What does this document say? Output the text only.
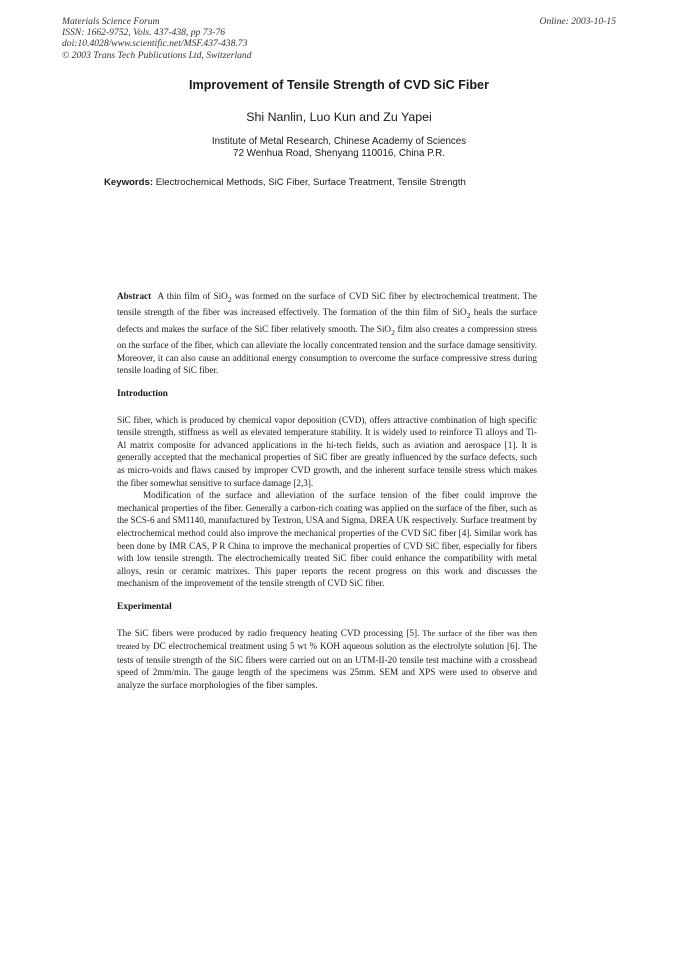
Materials Science Forum
ISSN: 1662-9752, Vols. 437-438, pp 73-76
doi:10.4028/www.scientific.net/MSF.437-438.73
© 2003 Trans Tech Publications Ltd, Switzerland
Online: 2003-10-15
Improvement of Tensile Strength of CVD SiC Fiber
Shi Nanlin, Luo Kun and Zu Yapei
Institute of Metal Research, Chinese Academy of Sciences
72 Wenhua Road, Shenyang 110016, China P.R.
Keywords: Electrochemical Methods, SiC Fiber, Surface Treatment, Tensile Strength

Abstract A thin film of SiO$_2$ was formed on the surface of CVD SiC fiber by electrochemical treatment. The tensile strength of the fiber was increased effectively. The formation of the thin film of SiO$_2$ heals the surface defects and makes the surface of the SiC fiber relatively smooth. The SiO$_2$ film also creates a compression stress on the surface of the fiber, which can alleviate the locally concentrated tension and the surface damage sensitivity. Moreover, it can also cause an additional energy consumption to overcome the surface compressive stress during tensile loading of SiC fiber.

Introduction

SiC fiber, which is produced by chemical vapor deposition (CVD), offers attractive combination of high specific tensile strength, stiffness as well as elevated temperature stability. It is widely used to reinforce Ti alloys and Ti-Al matrix composite for advanced applications in the hi-tech fields, such as aviation and aerospace [1]. It is generally accepted that the mechanical properties of SiC fiber are greatly influenced by the surface defects, such as micro-voids and flaws caused by improper CVD growth, and the inherent surface tensile stress which makes the fiber somewhat sensitive to surface damage [2,3].

Modification of the surface and alleviation of the surface tension of the fiber could improve the mechanical properties of the fiber. Generally a carbon-rich coating was applied on the surface of the fiber, such as the SCS-6 and SM1140, manufactured by Textron, USA and Sigma, DREA UK respectively. Surface treatment by electrochemical method could also improve the mechanical properties of the CVD SiC fiber [4]. Similar work has been done by IMR CAS, P R China to improve the mechanical properties of CVD SiC fiber, especially for fibers with low tensile strength. The electrochemically treated SiC fiber could enhance the compatibility with metal alloys, resin or ceramic matrixes. This paper reports the recent progress on this work and discusses the mechanism of the improvement of the tensile strength of CVD SiC fiber.

Experimental

The SiC fibers were produced by radio frequency heating CVD processing [5]. The surface of the fiber was then treated by DC electrochemical treatment using 5 wt % KOH aqueous solution as the electrolyte solution [6]. The tests of tensile strength of the SiC fibers were carried out on an UTM-II-20 tensile test machine with a crosshead speed of 2mm/min. The gauge length of the specimens was 25mm. SEM and XPS were used to observe and analyze the surface morphologies of the fiber samples.
